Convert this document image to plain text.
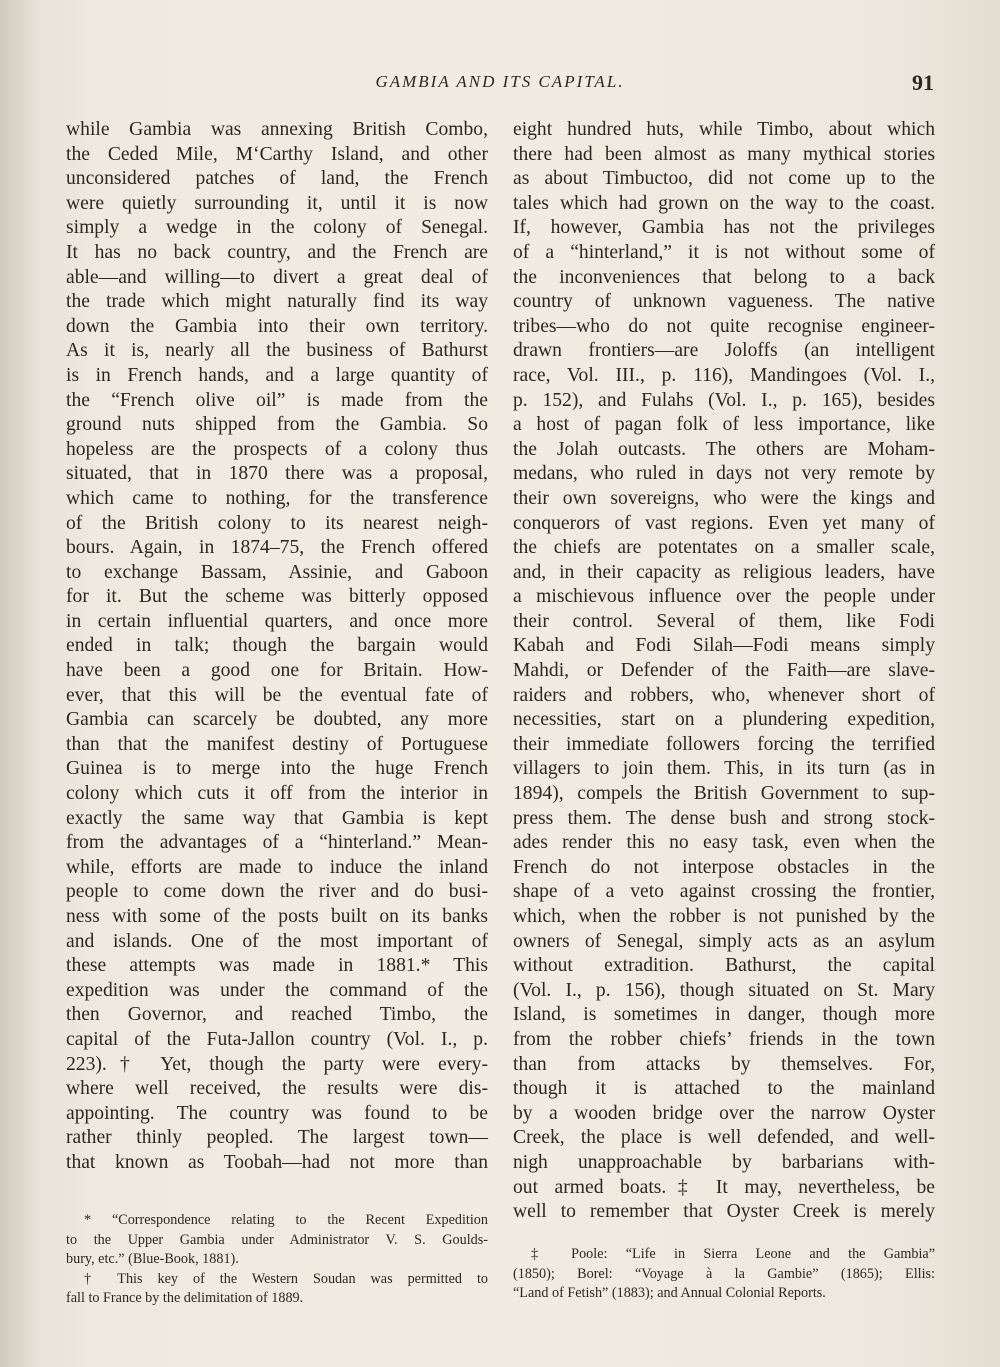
GAMBIA AND ITS CAPITAL.	91
while Gambia was annexing British Combo,
the Ceded Mile, M‘Carthy Island, and other
unconsidered patches of land, the French
were quietly surrounding it, until it is now
simply a wedge in the colony of Senegal.
It has no back country, and the French are
able—and willing—to divert a great deal of
the trade which might naturally find its way
down the Gambia into their own territory.
As it is, nearly all the business of Bathurst
is in French hands, and a large quantity of
the “French olive oil” is made from the
ground nuts shipped from the Gambia. So
hopeless are the prospects of a colony thus
situated, that in 1870 there was a proposal,
which came to nothing, for the transference
of the British colony to its nearest neigh-
bours. Again, in 1874–75, the French offered
to exchange Bassam, Assinie, and Gaboon
for it. But the scheme was bitterly opposed
in certain influential quarters, and once more
ended in talk; though the bargain would
have been a good one for Britain. How-
ever, that this will be the eventual fate of
Gambia can scarcely be doubted, any more
than that the manifest destiny of Portuguese
Guinea is to merge into the huge French
colony which cuts it off from the interior in
exactly the same way that Gambia is kept
from the advantages of a “hinterland.” Mean-
while, efforts are made to induce the inland
people to come down the river and do busi-
ness with some of the posts built on its banks
and islands. One of the most important of
these attempts was made in 1881.* This
expedition was under the command of the
then Governor, and reached Timbo, the
capital of the Futa-Jallon country (Vol. I., p.
223).† Yet, though the party were every-
where well received, the results were dis-
appointing. The country was found to be
rather thinly peopled. The largest town—
that known as Toobah—had not more than
eight hundred huts, while Timbo, about which
there had been almost as many mythical stories
as about Timbuctoo, did not come up to the
tales which had grown on the way to the coast.
If, however, Gambia has not the privileges
of a “hinterland,” it is not without some of
the inconveniences that belong to a back
country of unknown vagueness. The native
tribes—who do not quite recognise engineer-
drawn frontiers—are Joloffs (an intelligent
race, Vol. III., p. 116), Mandingoes (Vol. I.,
p. 152), and Fulahs (Vol. I., p. 165), besides
a host of pagan folk of less importance, like
the Jolah outcasts. The others are Moham-
medans, who ruled in days not very remote by
their own sovereigns, who were the kings and
conquerors of vast regions. Even yet many of
the chiefs are potentates on a smaller scale,
and, in their capacity as religious leaders, have
a mischievous influence over the people under
their control. Several of them, like Fodi
Kabah and Fodi Silah—Fodi means simply
Mahdi, or Defender of the Faith—are slave-
raiders and robbers, who, whenever short of
necessities, start on a plundering expedition,
their immediate followers forcing the terrified
villagers to join them. This, in its turn (as in
1894), compels the British Government to sup-
press them. The dense bush and strong stock-
ades render this no easy task, even when the
French do not interpose obstacles in the
shape of a veto against crossing the frontier,
which, when the robber is not punished by the
owners of Senegal, simply acts as an asylum
without extradition. Bathurst, the capital
(Vol. I., p. 156), though situated on St. Mary
Island, is sometimes in danger, though more
from the robber chiefs’ friends in the town
than from attacks by themselves. For,
though it is attached to the mainland
by a wooden bridge over the narrow Oyster
Creek, the place is well defended, and well-
nigh unapproachable by barbarians with-
out armed boats.‡ It may, nevertheless, be
well to remember that Oyster Creek is merely
* “Correspondence relating to the Recent Expedition
to the Upper Gambia under Administrator V. S. Goulds-
bury, etc.” (Blue-Book, 1881).
† This key of the Western Soudan was permitted to
fall to France by the delimitation of 1889.
‡ Poole: “Life in Sierra Leone and the Gambia”
(1850); Borel: “Voyage à la Gambie” (1865); Ellis:
“Land of Fetish” (1883); and Annual Colonial Reports.
